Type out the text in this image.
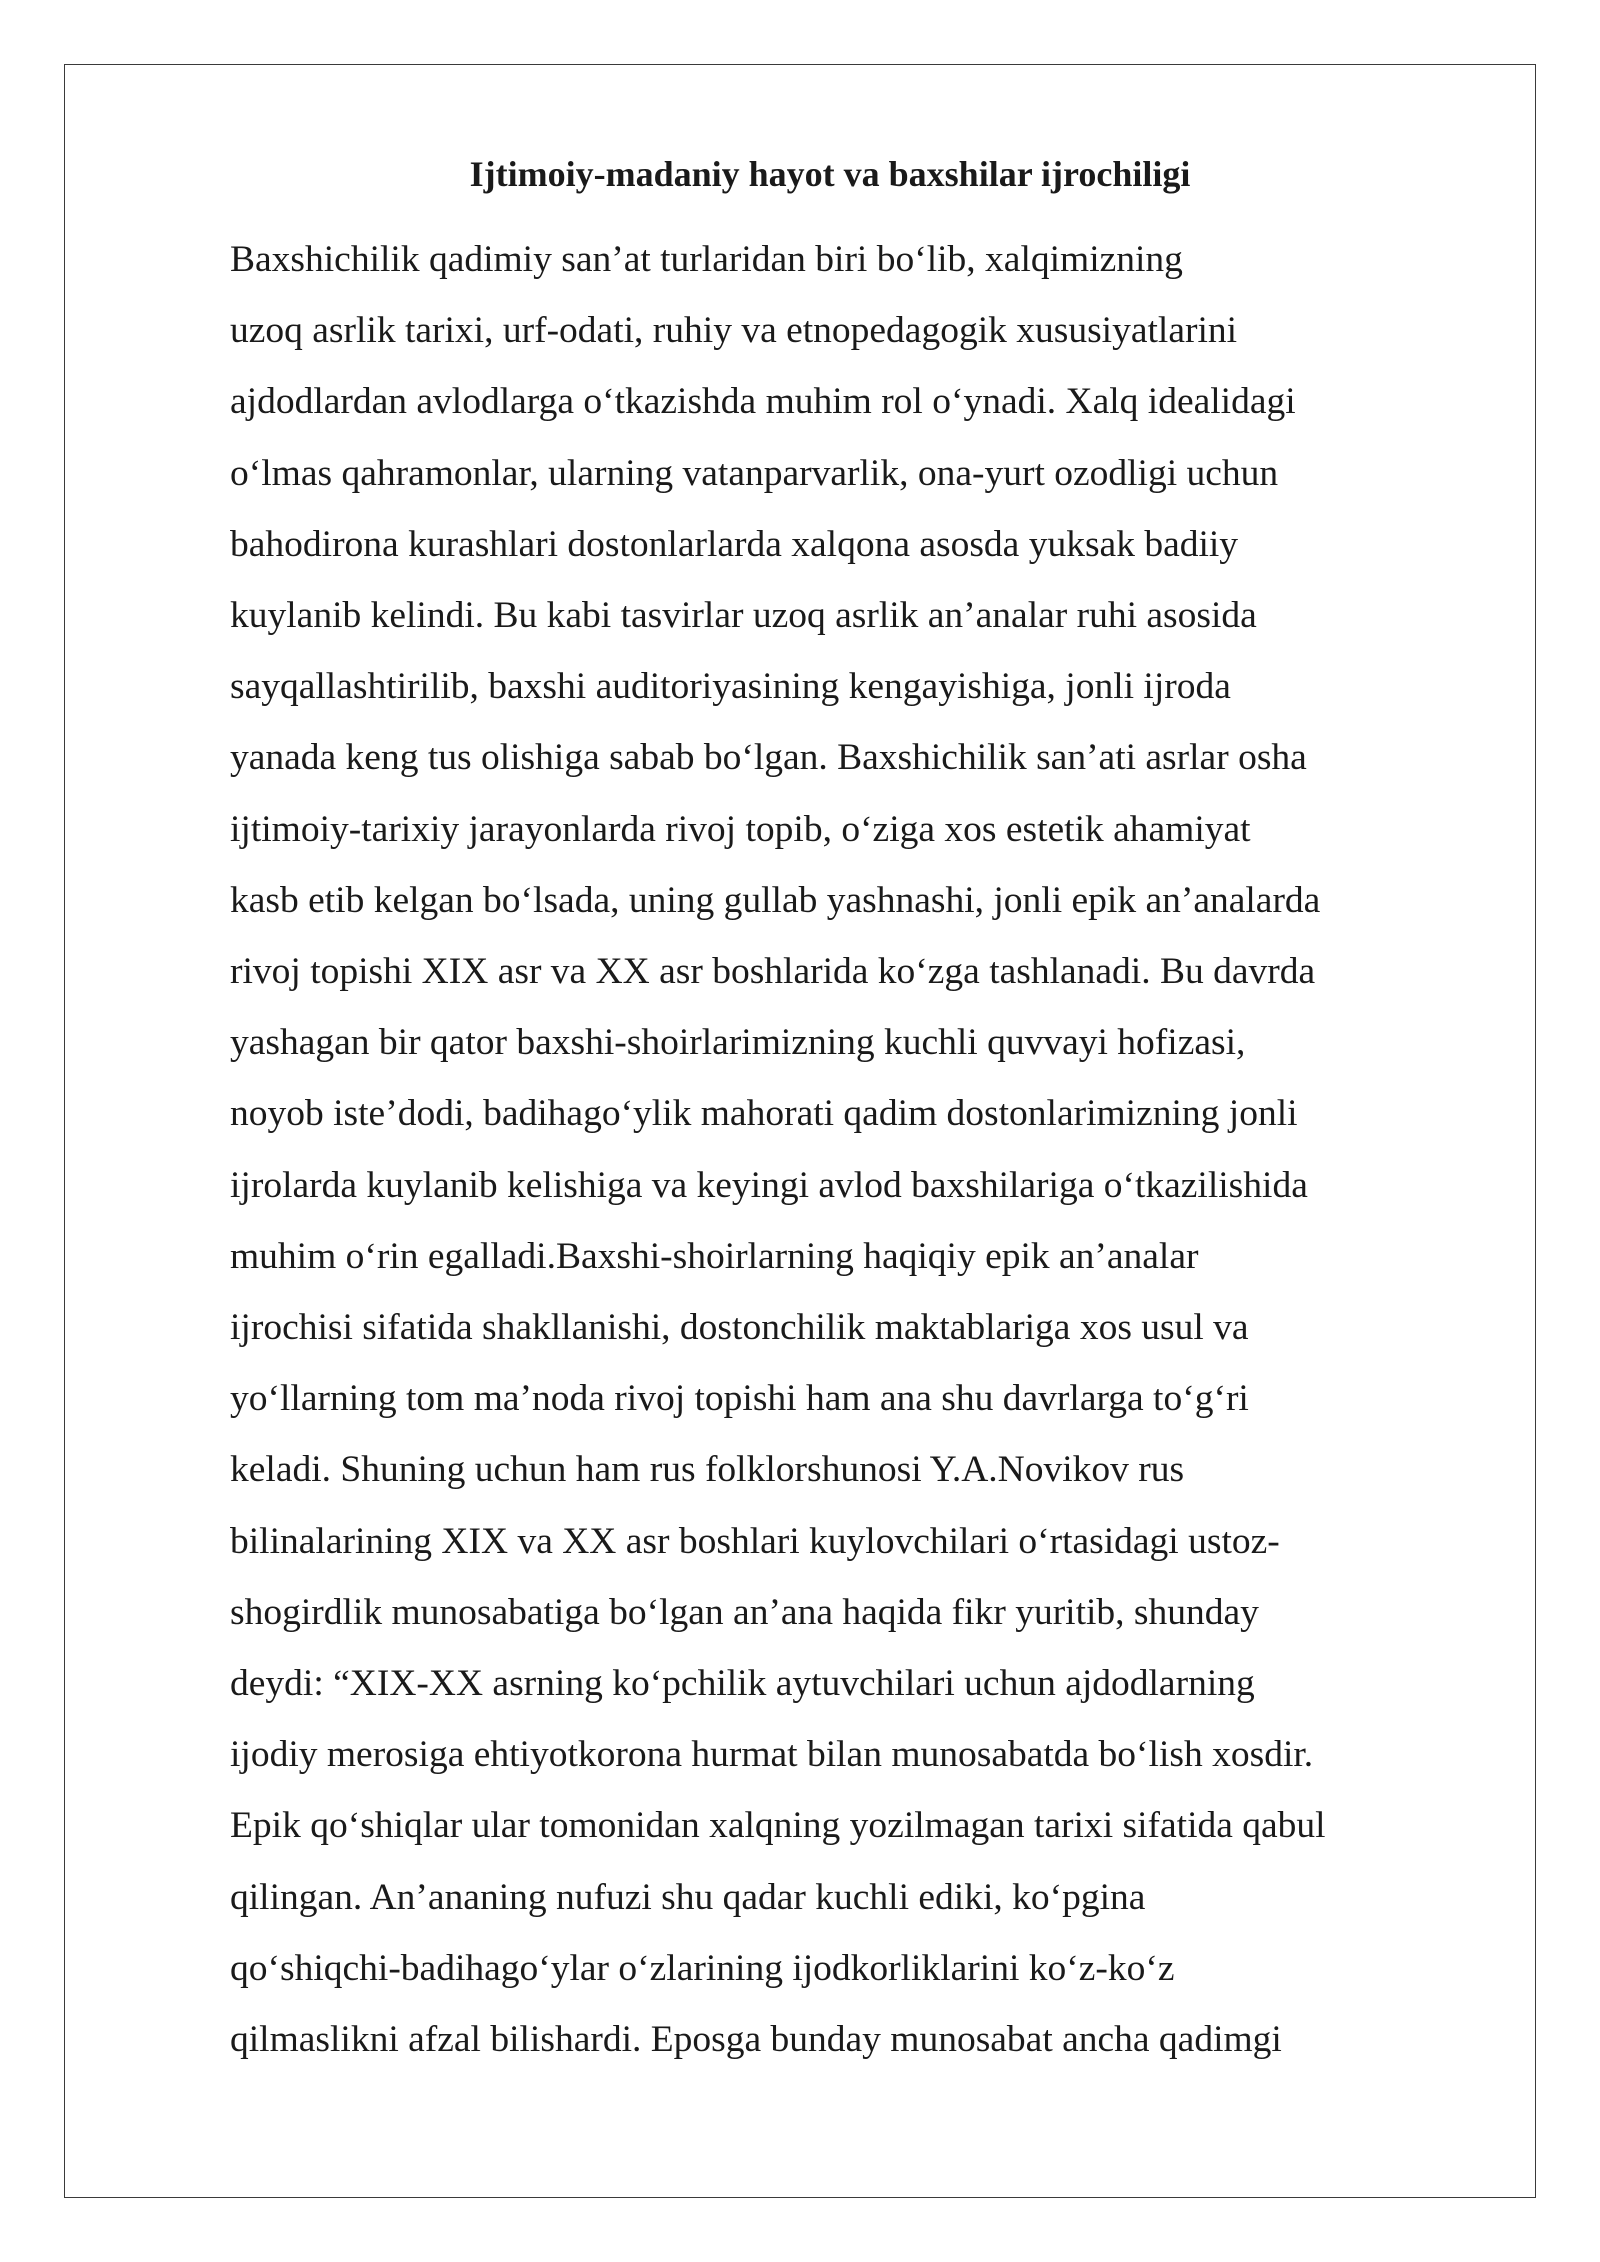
Ijtimoiy-madaniy hayot va baxshilar ijrochiligi
Baxshichilik qadimiy san’at turlaridan biri bo‘lib, xalqimizning
uzoq asrlik tarixi, urf-odati, ruhiy va etnopedagogik xususiyatlarini
ajdodlardan avlodlarga o‘tkazishda muhim rol o‘ynadi. Xalq idealidagi
o‘lmas qahramonlar, ularning vatanparvarlik, ona-yurt ozodligi uchun
bahodirona kurashlari dostonlarlarda xalqona asosda yuksak badiiy
kuylanib kelindi. Bu kabi tasvirlar uzoq asrlik an’analar ruhi asosida
sayqallashtirilib, baxshi auditoriyasining kengayishiga, jonli ijroda
yanada keng tus olishiga sabab bo‘lgan. Baxshichilik san’ati asrlar osha
ijtimoiy-tarixiy jarayonlarda rivoj topib, o‘ziga xos estetik ahamiyat
kasb etib kelgan bo‘lsada, uning gullab yashnashi, jonli epik an’analarda
rivoj topishi XIX asr va XX asr boshlarida ko‘zga tashlanadi. Bu davrda
yashagan bir qator baxshi-shoirlarimizning kuchli quvvayi hofizasi,
noyob iste’dodi, badihago‘ylik mahorati qadim dostonlarimizning jonli
ijrolarda kuylanib kelishiga va keyingi avlod baxshilariga o‘tkazilishida
muhim o‘rin egalladi.Baxshi-shoirlarning haqiqiy epik an’analar
ijrochisi sifatida shakllanishi, dostonchilik maktablariga xos usul va
yo‘llarning tom ma’noda rivoj topishi ham ana shu davrlarga to‘g‘ri
keladi. Shuning uchun ham rus folklorshunosi Y.A.Novikov rus
bilinalarining XIX va XX asr boshlari kuylovchilari o‘rtasidagi ustoz-
shogirdlik munosabatiga bo‘lgan an’ana haqida fikr yuritib, shunday
deydi: “XIX-XX asrning ko‘pchilik aytuvchilari uchun ajdodlarning
ijodiy merosiga ehtiyotkorona hurmat bilan munosabatda bo‘lish xosdir.
Epik qo‘shiqlar ular tomonidan xalqning yozilmagan tarixi sifatida qabul
qilingan. An’ananing nufuzi shu qadar kuchli ediki, ko‘pgina
qo‘shiqchi-badihago‘ylar o‘zlarining ijodkorliklarini ko‘z-ko‘z
qilmaslikni afzal bilishardi. Eposga bunday munosabat ancha qadimgi
